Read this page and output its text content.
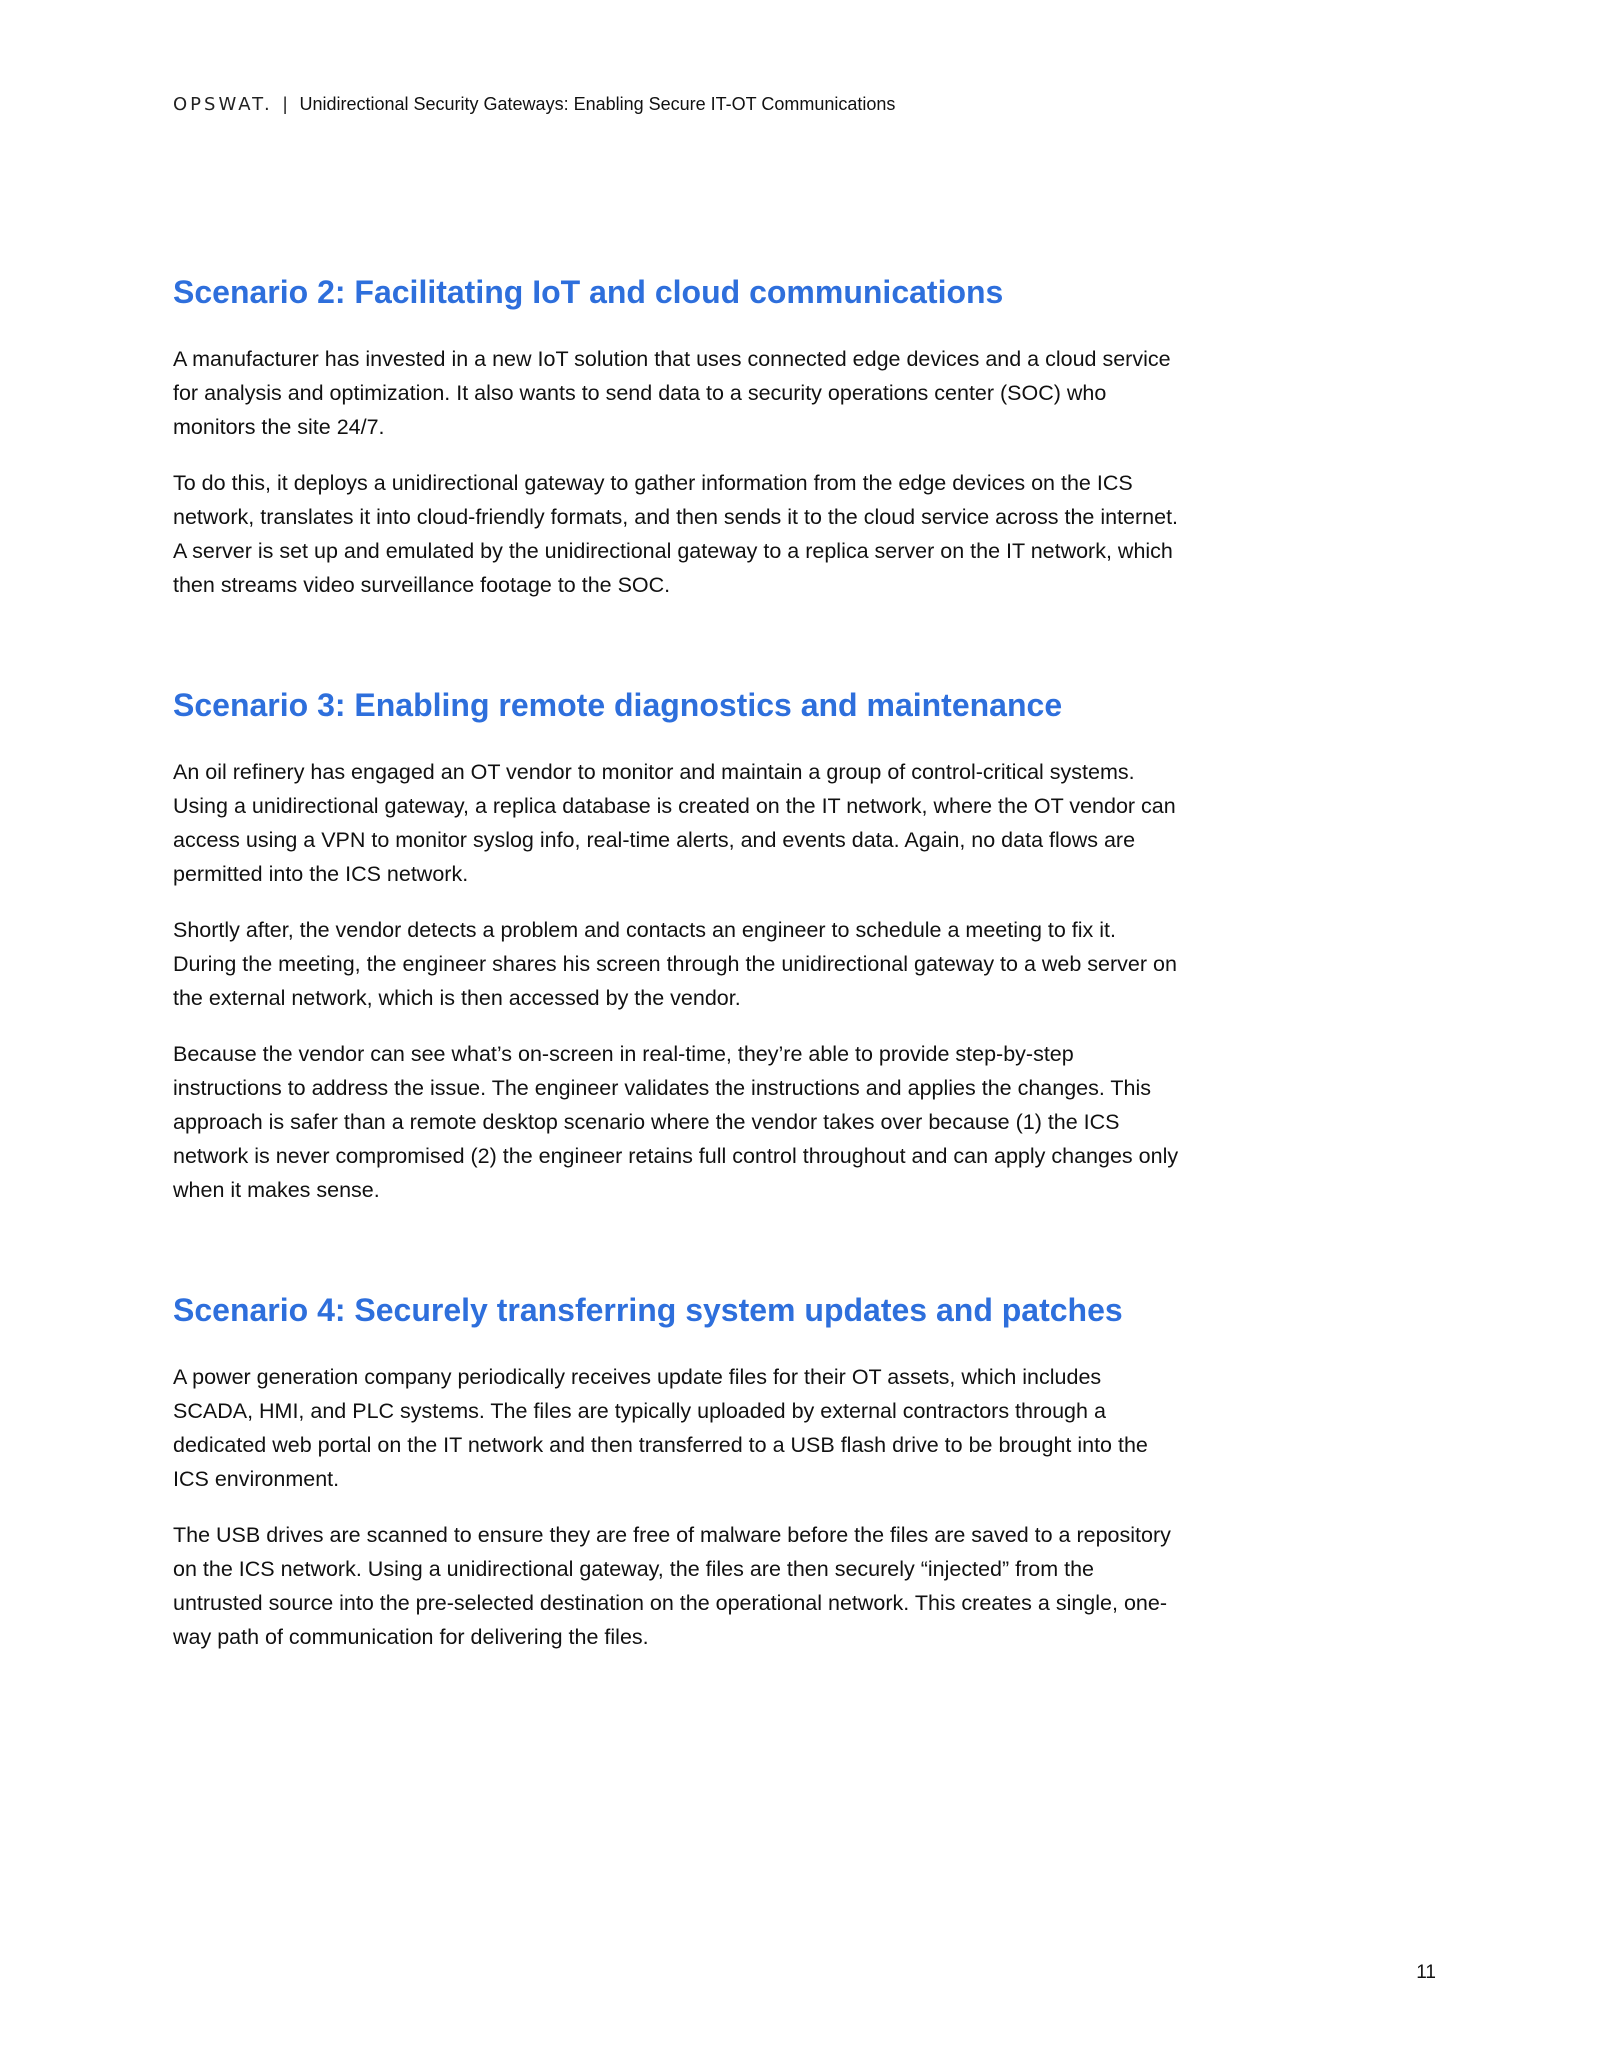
OPSWAT. | Unidirectional Security Gateways: Enabling Secure IT-OT Communications
Scenario 2: Facilitating IoT and cloud communications

A manufacturer has invested in a new IoT solution that uses connected edge devices and a cloud service for analysis and optimization. It also wants to send data to a security operations center (SOC) who monitors the site 24/7.

To do this, it deploys a unidirectional gateway to gather information from the edge devices on the ICS network, translates it into cloud-friendly formats, and then sends it to the cloud service across the internet. A server is set up and emulated by the unidirectional gateway to a replica server on the IT network, which then streams video surveillance footage to the SOC.

Scenario 3: Enabling remote diagnostics and maintenance

An oil refinery has engaged an OT vendor to monitor and maintain a group of control-critical systems. Using a unidirectional gateway, a replica database is created on the IT network, where the OT vendor can access using a VPN to monitor syslog info, real-time alerts, and events data. Again, no data flows are permitted into the ICS network.

Shortly after, the vendor detects a problem and contacts an engineer to schedule a meeting to fix it. During the meeting, the engineer shares his screen through the unidirectional gateway to a web server on the external network, which is then accessed by the vendor.

Because the vendor can see what’s on-screen in real-time, they’re able to provide step-by-step instructions to address the issue. The engineer validates the instructions and applies the changes. This approach is safer than a remote desktop scenario where the vendor takes over because (1) the ICS network is never compromised (2) the engineer retains full control throughout and can apply changes only when it makes sense.

Scenario 4: Securely transferring system updates and patches

A power generation company periodically receives update files for their OT assets, which includes SCADA, HMI, and PLC systems. The files are typically uploaded by external contractors through a dedicated web portal on the IT network and then transferred to a USB flash drive to be brought into the ICS environment.

The USB drives are scanned to ensure they are free of malware before the files are saved to a repository on the ICS network. Using a unidirectional gateway, the files are then securely “injected” from the untrusted source into the pre-selected destination on the operational network. This creates a single, one-way path of communication for delivering the files.

11
